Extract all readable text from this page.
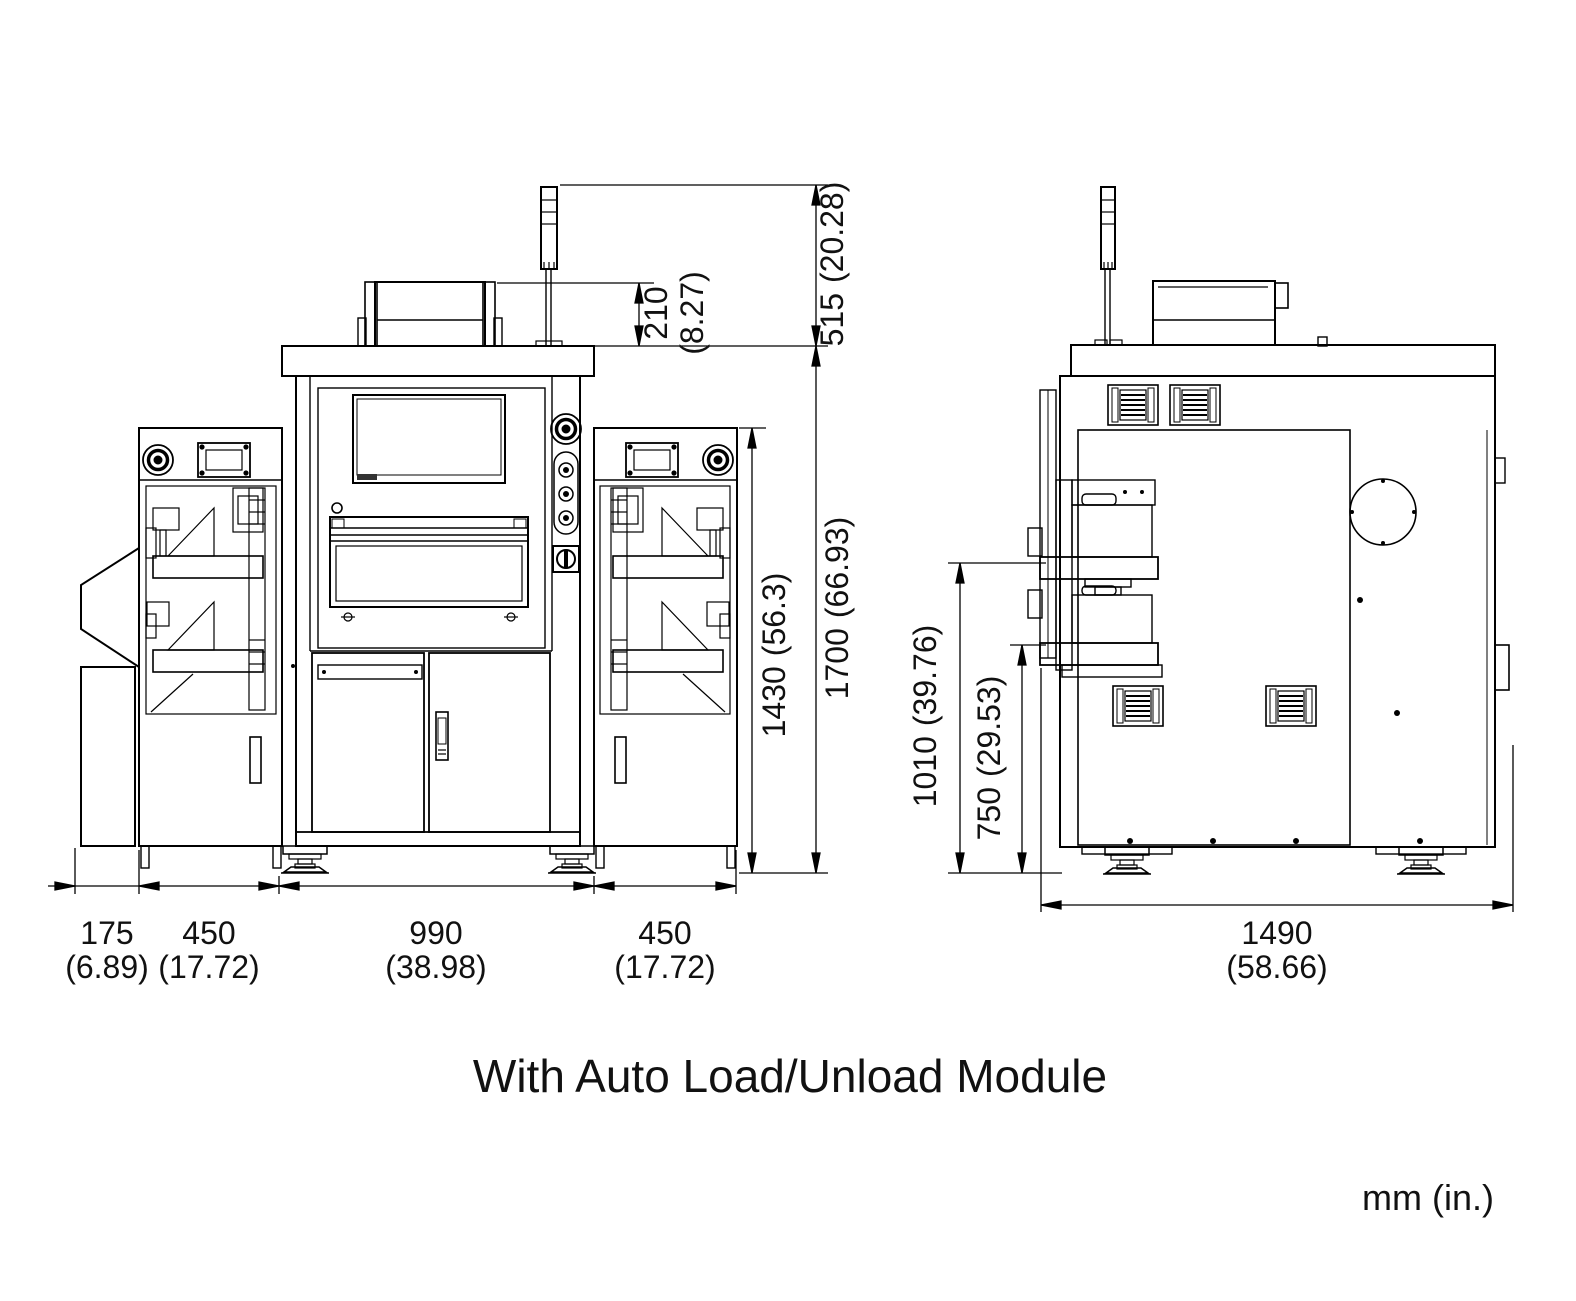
515(20.28)
210 (8.27)
1700(66.93)
1430(56.3)
175
(6.89)
450
(17.72)
990
(38.98)
450
(17.72)
1010(39.76)
750(29.53)
1490
(58.66)
With Auto Load/Unload Module
mm (in.)
